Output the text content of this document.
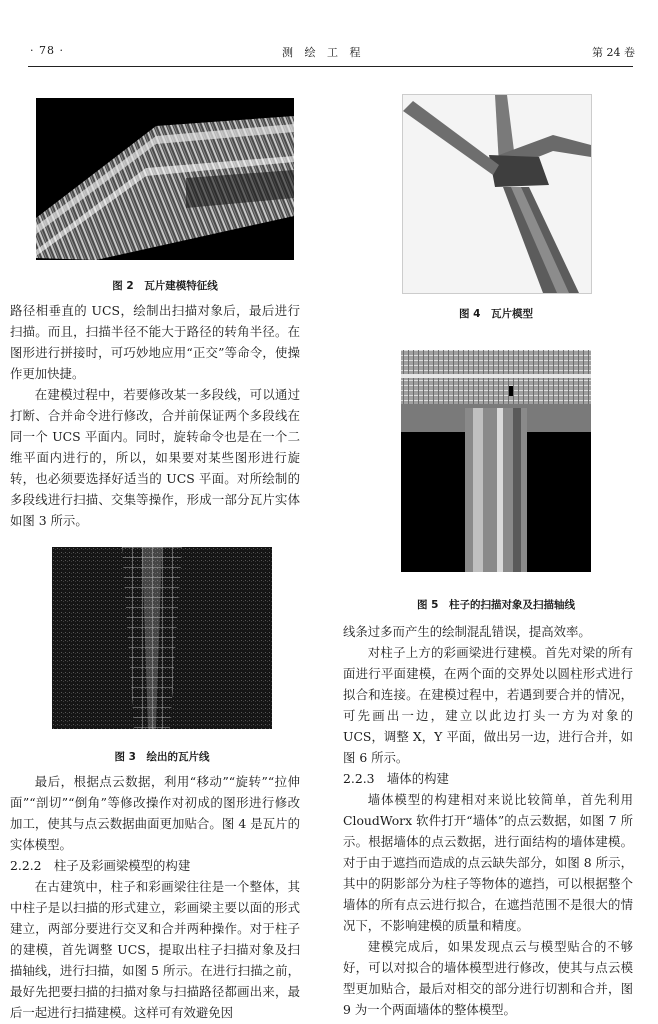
· 78 ·	测 绘 工 程	第 24 卷
图 2　瓦片建模特征线

路径相垂直的 UCS，绘制出扫描对象后，最后进行扫描。而且，扫描半径不能大于路径的转角半径。在图形进行拼接时，可巧妙地应用“正交”等命令，使操作更加快捷。

在建模过程中，若要修改某一多段线，可以通过打断、合并命令进行修改，合并前保证两个多段线在同一个 UCS 平面内。同时，旋转命令也是在一个二维平面内进行的，所以，如果要对某些图形进行旋转，也必须要选择好适当的 UCS 平面。对所绘制的多段线进行扫描、交集等操作，形成一部分瓦片实体如图 3 所示。

图 3　绘出的瓦片线

最后，根据点云数据，利用“移动”“旋转”“拉伸面”“剖切”“倒角”等修改操作对初成的图形进行修改加工，使其与点云数据曲面更加贴合。图 4 是瓦片的实体模型。

2.2.2　柱子及彩画梁模型的构建

在古建筑中，柱子和彩画梁往往是一个整体，其中柱子是以扫描的形式建立，彩画梁主要以面的形式建立，两部分要进行交叉和合并两种操作。对于柱子的建模，首先调整 UCS，提取出柱子扫描对象及扫描轴线，进行扫描，如图 5 所示。在进行扫描之前，最好先把要扫描的扫描对象与扫描路径都画出来，最后一起进行扫描建模。这样可有效避免因

图 4　瓦片模型
图 5　柱子的扫描对象及扫描轴线

线条过多而产生的绘制混乱错误，提高效率。

对柱子上方的彩画梁进行建模。首先对梁的所有面进行平面建模，在两个面的交界处以圆柱形式进行拟合和连接。在建模过程中，若遇到要合并的情况，可先画出一边，建立以此边打头一方为对象的 UCS，调整 X，Y 平面，做出另一边，进行合并，如图 6 所示。

2.2.3　墙体的构建

墙体模型的构建相对来说比较简单，首先利用 CloudWorx 软件打开“墙体”的点云数据，如图 7 所示。根据墙体的点云数据，进行面结构的墙体建模。对于由于遮挡而造成的点云缺失部分，如图 8 所示，其中的阴影部分为柱子等物体的遮挡，可以根据整个墙体的所有点云进行拟合，在遮挡范围不是很大的情况下，不影响建模的质量和精度。

建模完成后，如果发现点云与模型贴合的不够好，可以对拟合的墙体模型进行修改，使其与点云模型更加贴合，最后对相交的部分进行切割和合并，图 9 为一个两面墙体的整体模型。
